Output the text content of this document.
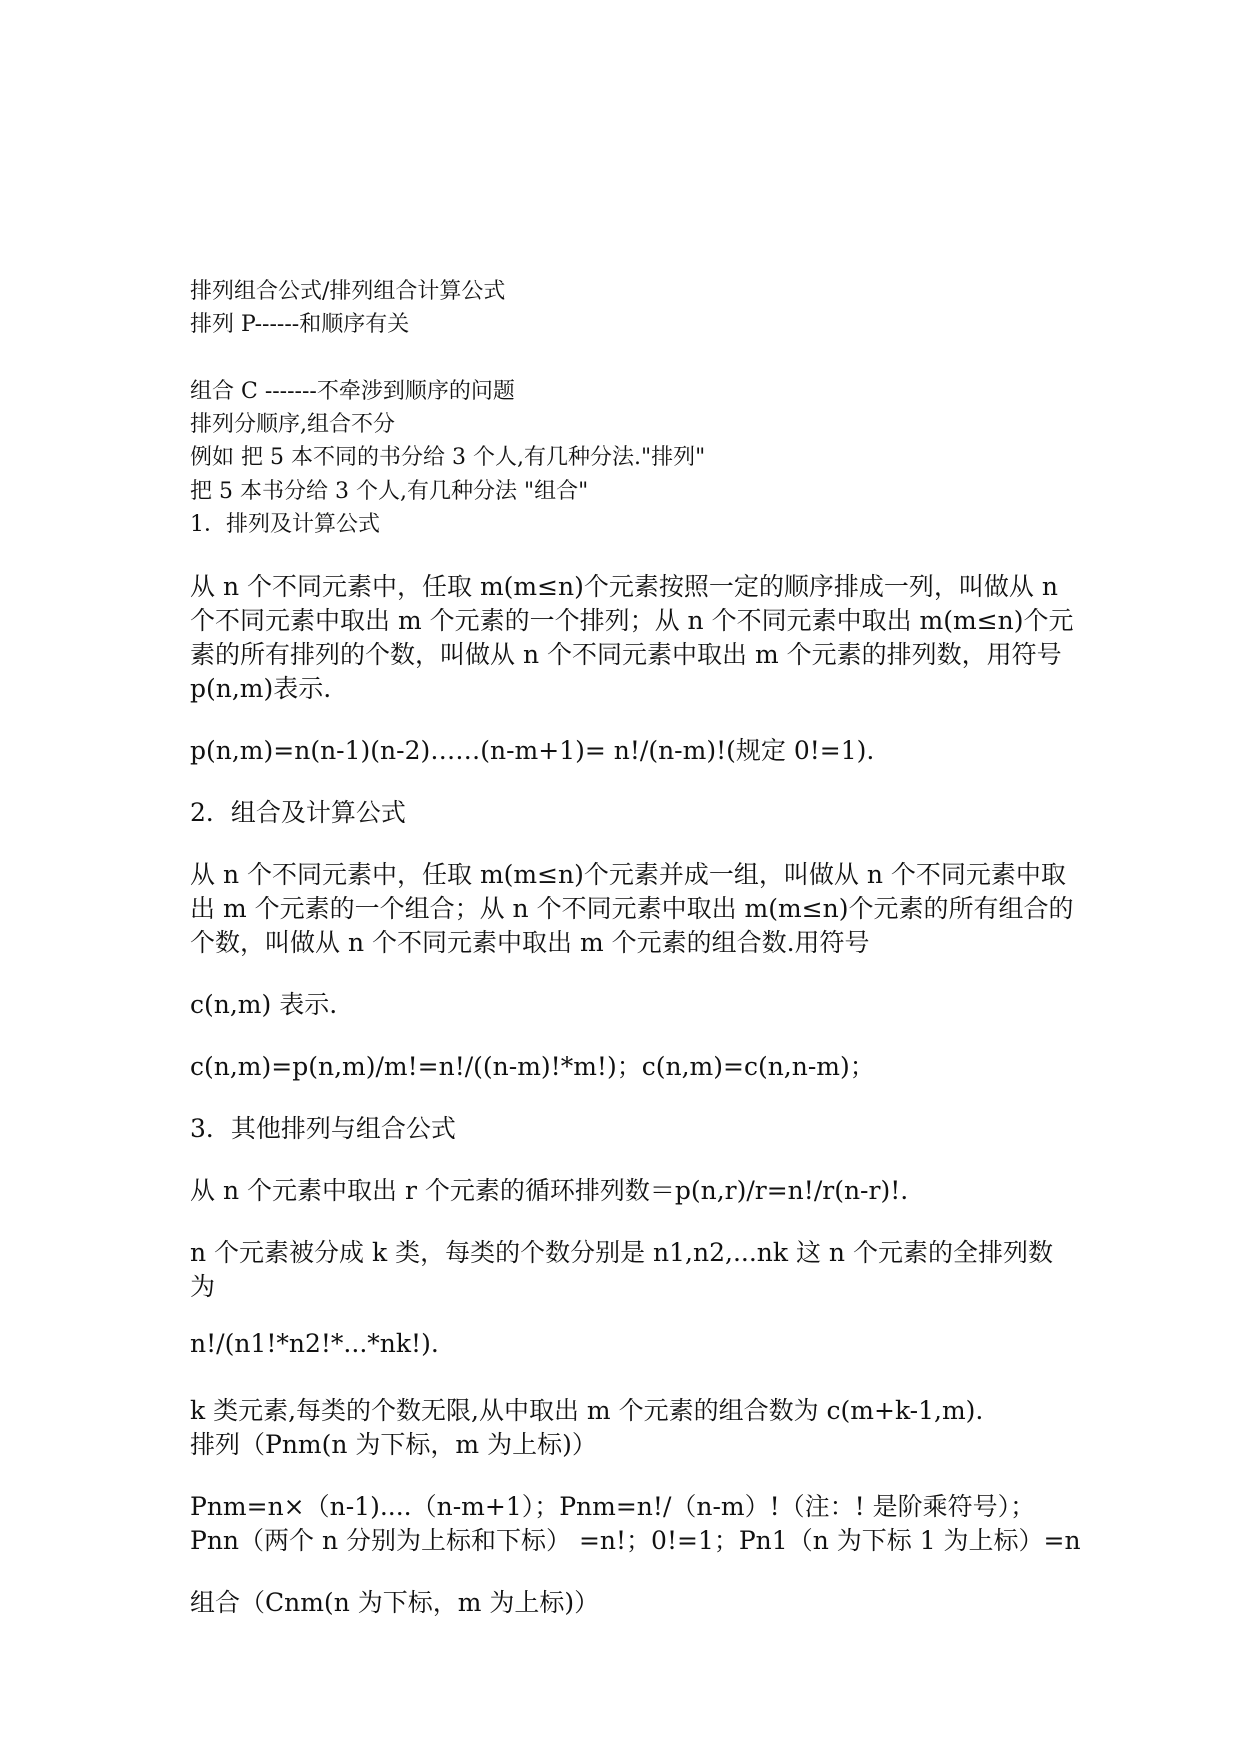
排列组合公式/排列组合计算公式
排列 P------和顺序有关
组合 C -------不牵涉到顺序的问题
排列分顺序,组合不分
例如 把 5 本不同的书分给 3 个人,有几种分法."排列"
把 5 本书分给 3 个人,有几种分法 "组合"
1．排列及计算公式
从 n 个不同元素中，任取 m(m≤n)个元素按照一定的顺序排成一列，叫做从 n
个不同元素中取出 m 个元素的一个排列；从 n 个不同元素中取出 m(m≤n)个元
素的所有排列的个数，叫做从 n 个不同元素中取出 m 个元素的排列数，用符号
p(n,m)表示.
p(n,m)=n(n-1)(n-2)……(n-m+1)= n!/(n-m)!(规定 0!=1).
2．组合及计算公式
从 n 个不同元素中，任取 m(m≤n)个元素并成一组，叫做从 n 个不同元素中取
出 m 个元素的一个组合；从 n 个不同元素中取出 m(m≤n)个元素的所有组合的
个数，叫做从 n 个不同元素中取出 m 个元素的组合数.用符号
c(n,m) 表示.
c(n,m)=p(n,m)/m!=n!/((n-m)!*m!)；c(n,m)=c(n,n-m)；
3．其他排列与组合公式
从 n 个元素中取出 r 个元素的循环排列数＝p(n,r)/r=n!/r(n-r)!.
n 个元素被分成 k 类，每类的个数分别是 n1,n2,...nk 这 n 个元素的全排列数
为
n!/(n1!*n2!*...*nk!).
k 类元素,每类的个数无限,从中取出 m 个元素的组合数为 c(m+k-1,m).
排列（Pnm(n 为下标，m 为上标)）
Pnm=n×（n-1)....（n-m+1）；Pnm=n!/（n-m）!（注：! 是阶乘符号）；
Pnn（两个 n 分别为上标和下标） =n!；0!=1；Pn1（n 为下标 1 为上标）=n
组合（Cnm(n 为下标，m 为上标)）
